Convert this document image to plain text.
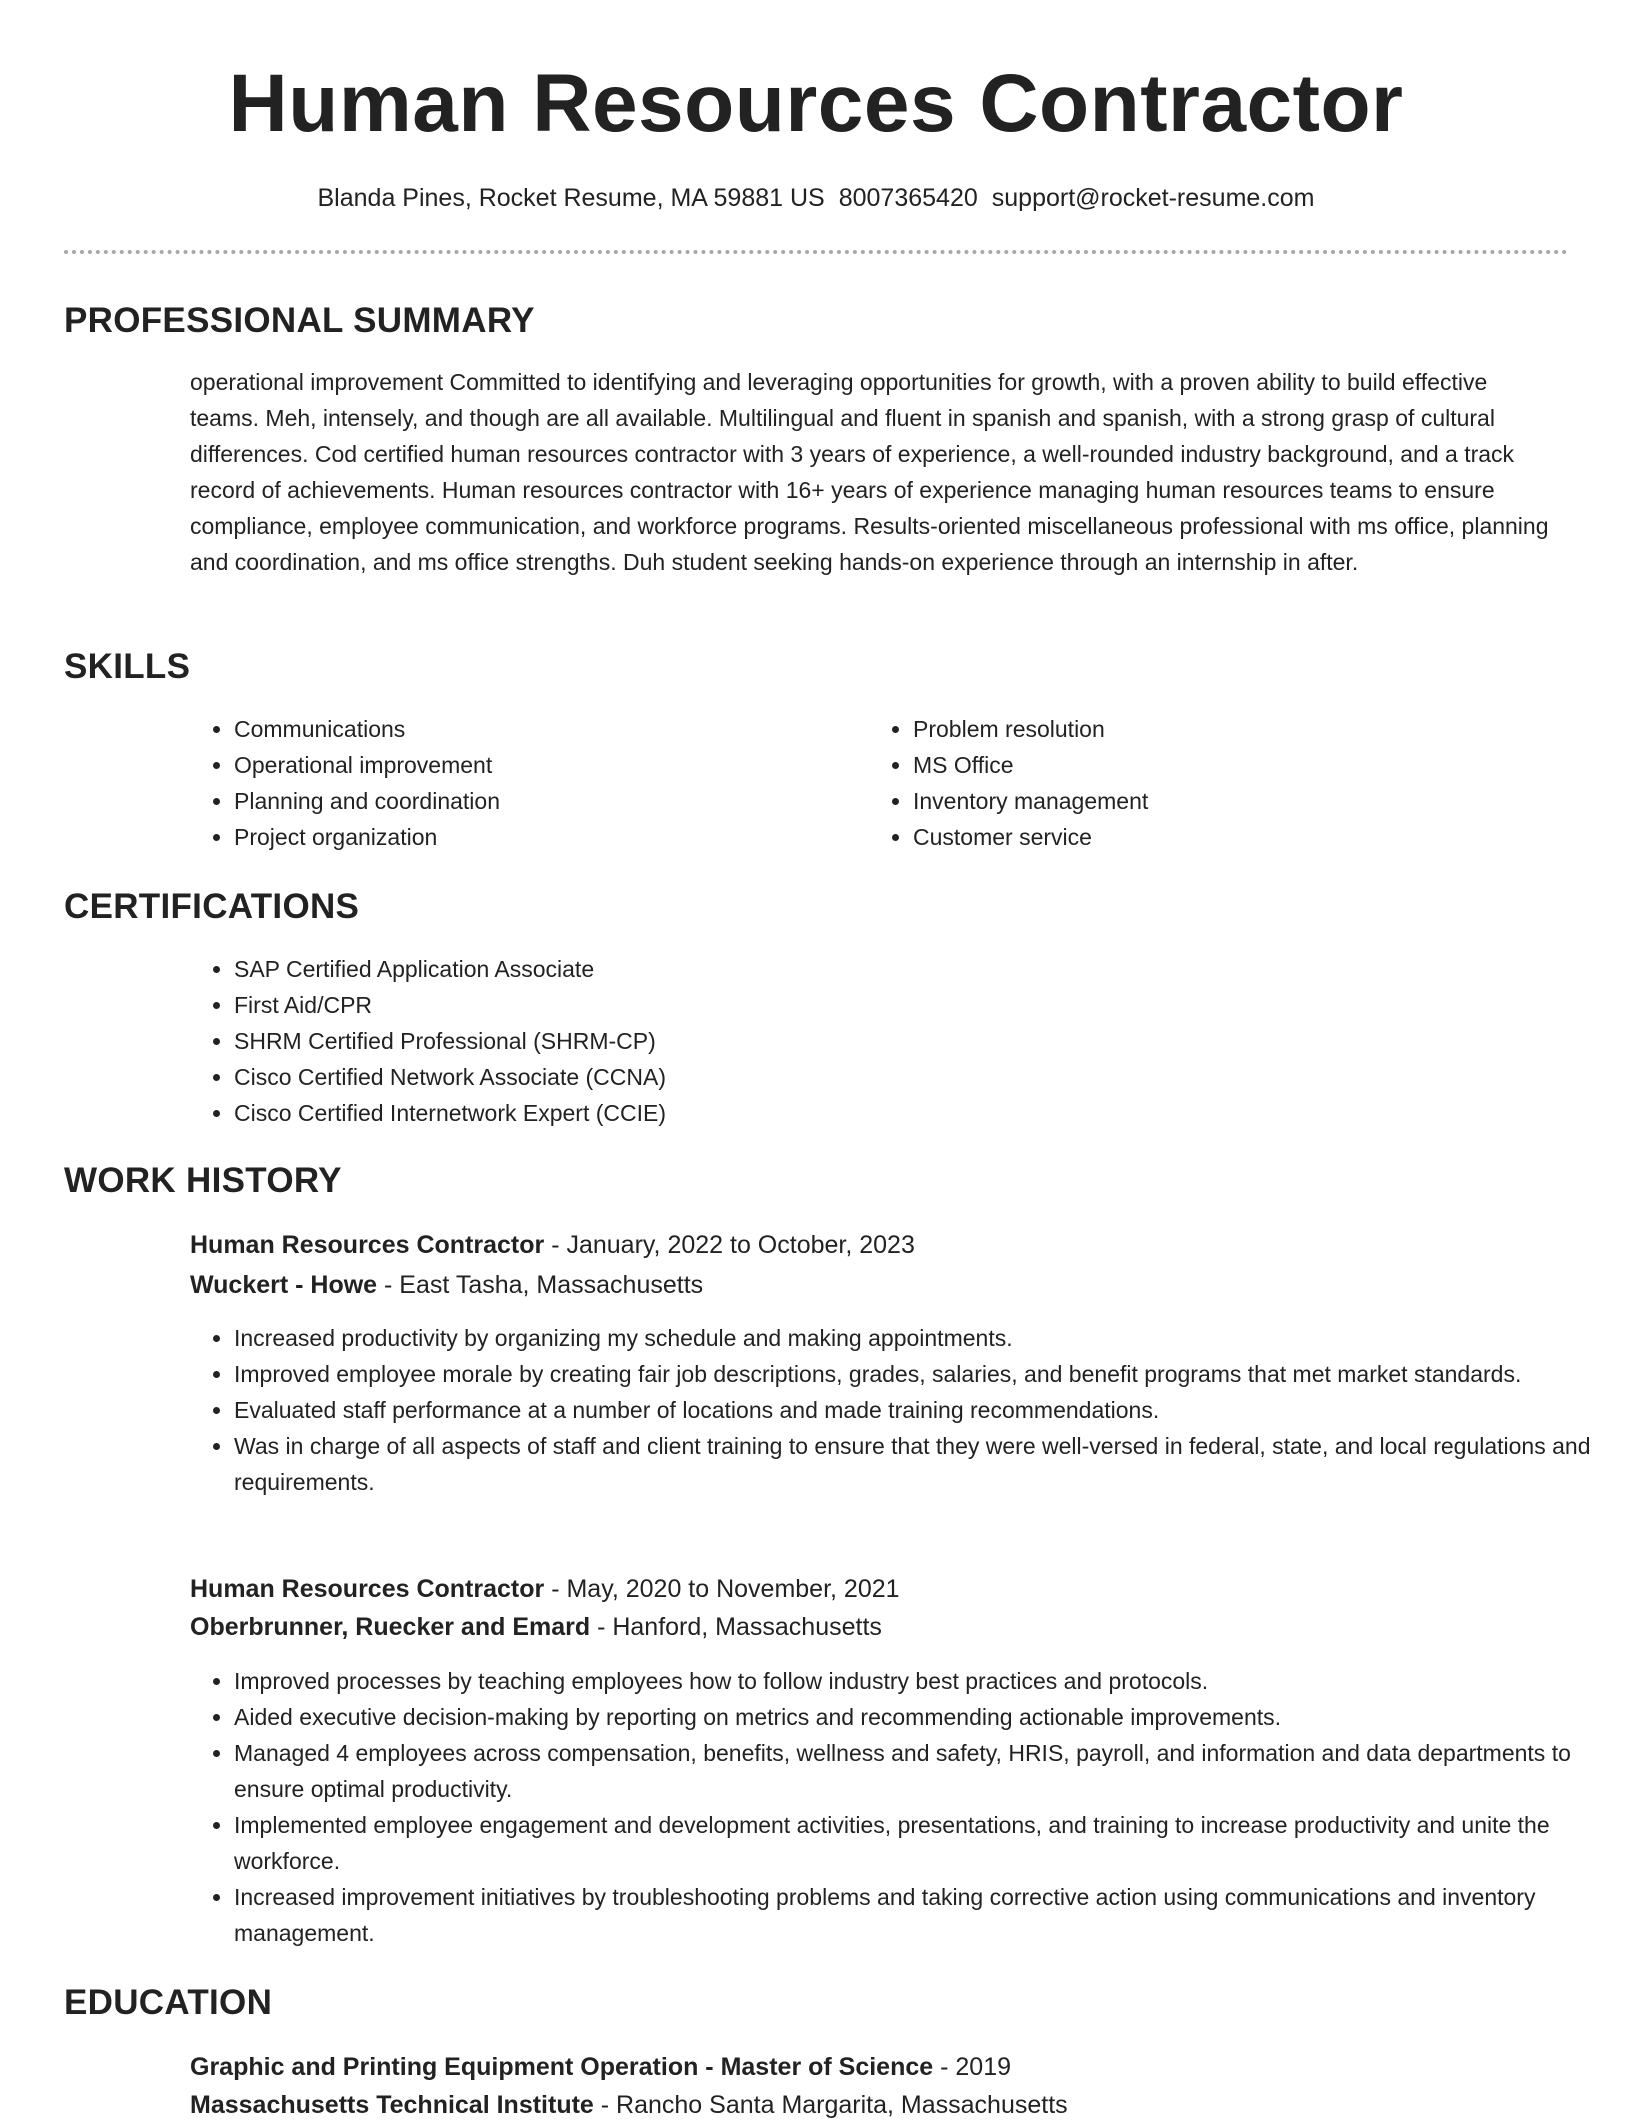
Human Resources Contractor
Blanda Pines, Rocket Resume, MA 59881 US 8007365420 support@rocket-resume.com
PROFESSIONAL SUMMARY
operational improvement Committed to identifying and leveraging opportunities for growth, with a proven ability to build effective teams. Meh, intensely, and though are all available. Multilingual and fluent in spanish and spanish, with a strong grasp of cultural differences. Cod certified human resources contractor with 3 years of experience, a well-rounded industry background, and a track record of achievements. Human resources contractor with 16+ years of experience managing human resources teams to ensure compliance, employee communication, and workforce programs. Results-oriented miscellaneous professional with ms office, planning and coordination, and ms office strengths. Duh student seeking hands-on experience through an internship in after.
SKILLS
• Communications
• Operational improvement
• Planning and coordination
• Project organization
• Problem resolution
• MS Office
• Inventory management
• Customer service
CERTIFICATIONS
• SAP Certified Application Associate
• First Aid/CPR
• SHRM Certified Professional (SHRM-CP)
• Cisco Certified Network Associate (CCNA)
• Cisco Certified Internetwork Expert (CCIE)
WORK HISTORY
Human Resources Contractor - January, 2022 to October, 2023
Wuckert - Howe - East Tasha, Massachusetts
• Increased productivity by organizing my schedule and making appointments.
• Improved employee morale by creating fair job descriptions, grades, salaries, and benefit programs that met market standards.
• Evaluated staff performance at a number of locations and made training recommendations.
• Was in charge of all aspects of staff and client training to ensure that they were well-versed in federal, state, and local regulations and requirements.
Human Resources Contractor - May, 2020 to November, 2021
Oberbrunner, Ruecker and Emard - Hanford, Massachusetts
• Improved processes by teaching employees how to follow industry best practices and protocols.
• Aided executive decision-making by reporting on metrics and recommending actionable improvements.
• Managed 4 employees across compensation, benefits, wellness and safety, HRIS, payroll, and information and data departments to ensure optimal productivity.
• Implemented employee engagement and development activities, presentations, and training to increase productivity and unite the workforce.
• Increased improvement initiatives by troubleshooting problems and taking corrective action using communications and inventory management.
EDUCATION
Graphic and Printing Equipment Operation - Master of Science - 2019
Massachusetts Technical Institute - Rancho Santa Margarita, Massachusetts
